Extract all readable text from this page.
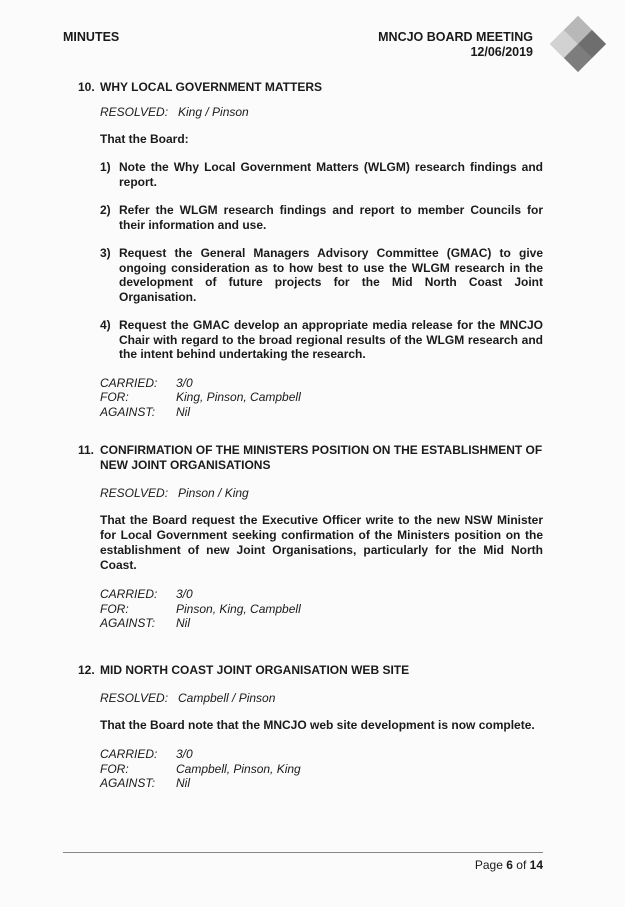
MINUTES	MNCJO BOARD MEETING
12/06/2019
10. WHY LOCAL GOVERNMENT MATTERS
RESOLVED: King / Pinson
That the Board:
1) Note the Why Local Government Matters (WLGM) research findings and report.
2) Refer the WLGM research findings and report to member Councils for their information and use.
3) Request the General Managers Advisory Committee (GMAC) to give ongoing consideration as to how best to use the WLGM research in the development of future projects for the Mid North Coast Joint Organisation.
4) Request the GMAC develop an appropriate media release for the MNCJO Chair with regard to the broad regional results of the WLGM research and the intent behind undertaking the research.
CARRIED:	3/0
FOR:	King, Pinson, Campbell
AGAINST:	Nil
11. CONFIRMATION OF THE MINISTERS POSITION ON THE ESTABLISHMENT OF NEW JOINT ORGANISATIONS
RESOLVED: Pinson / King
That the Board request the Executive Officer write to the new NSW Minister for Local Government seeking confirmation of the Ministers position on the establishment of new Joint Organisations, particularly for the Mid North Coast.
CARRIED:	3/0
FOR:	Pinson, King, Campbell
AGAINST:	Nil
12. MID NORTH COAST JOINT ORGANISATION WEB SITE
RESOLVED: Campbell / Pinson
That the Board note that the MNCJO web site development is now complete.
CARRIED:	3/0
FOR:	Campbell, Pinson, King
AGAINST:	Nil
Page 6 of 14
